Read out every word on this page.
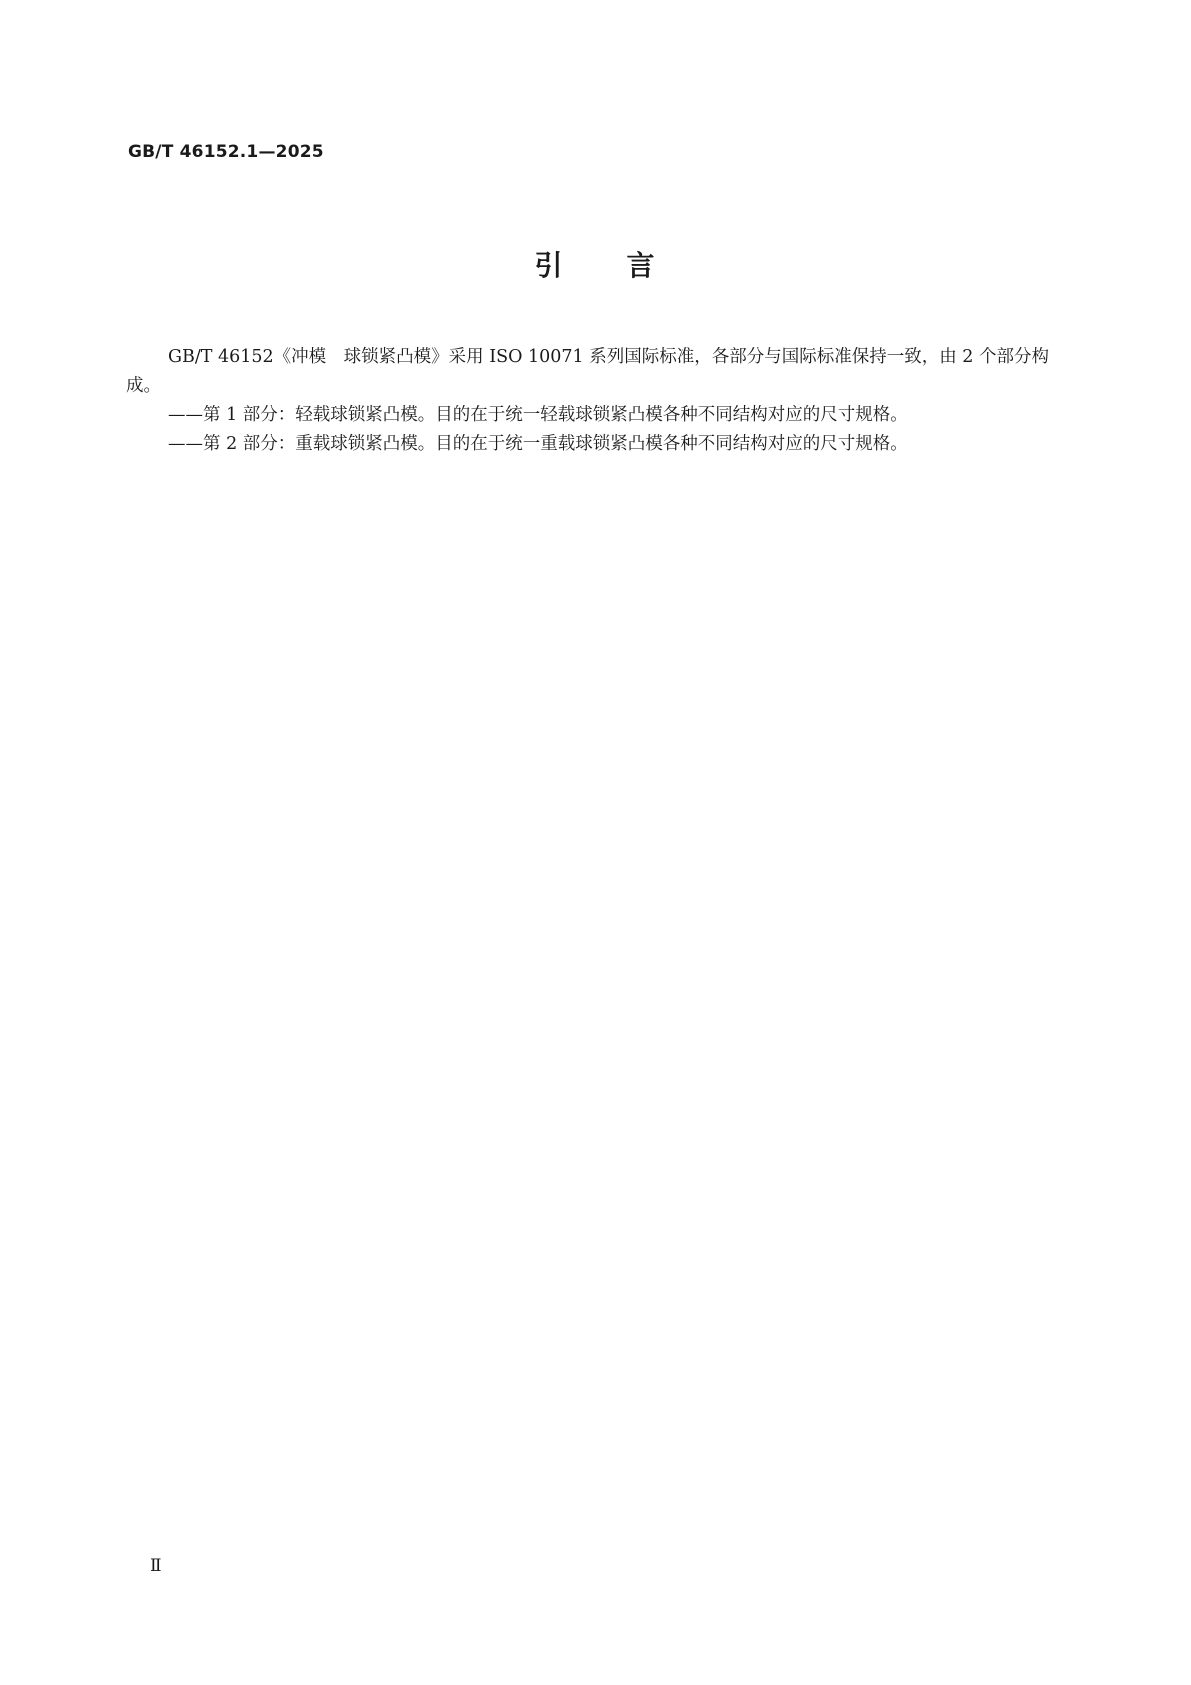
GB/T 46152.1—2025
引 言

GB/T 46152《冲模　球锁紧凸模》采用 ISO 10071 系列国际标准，各部分与国际标准保持一致，由 2 个部分构成。

——第 1 部分：轻载球锁紧凸模。目的在于统一轻载球锁紧凸模各种不同结构对应的尺寸规格。

——第 2 部分：重载球锁紧凸模。目的在于统一重载球锁紧凸模各种不同结构对应的尺寸规格。

Ⅱ
